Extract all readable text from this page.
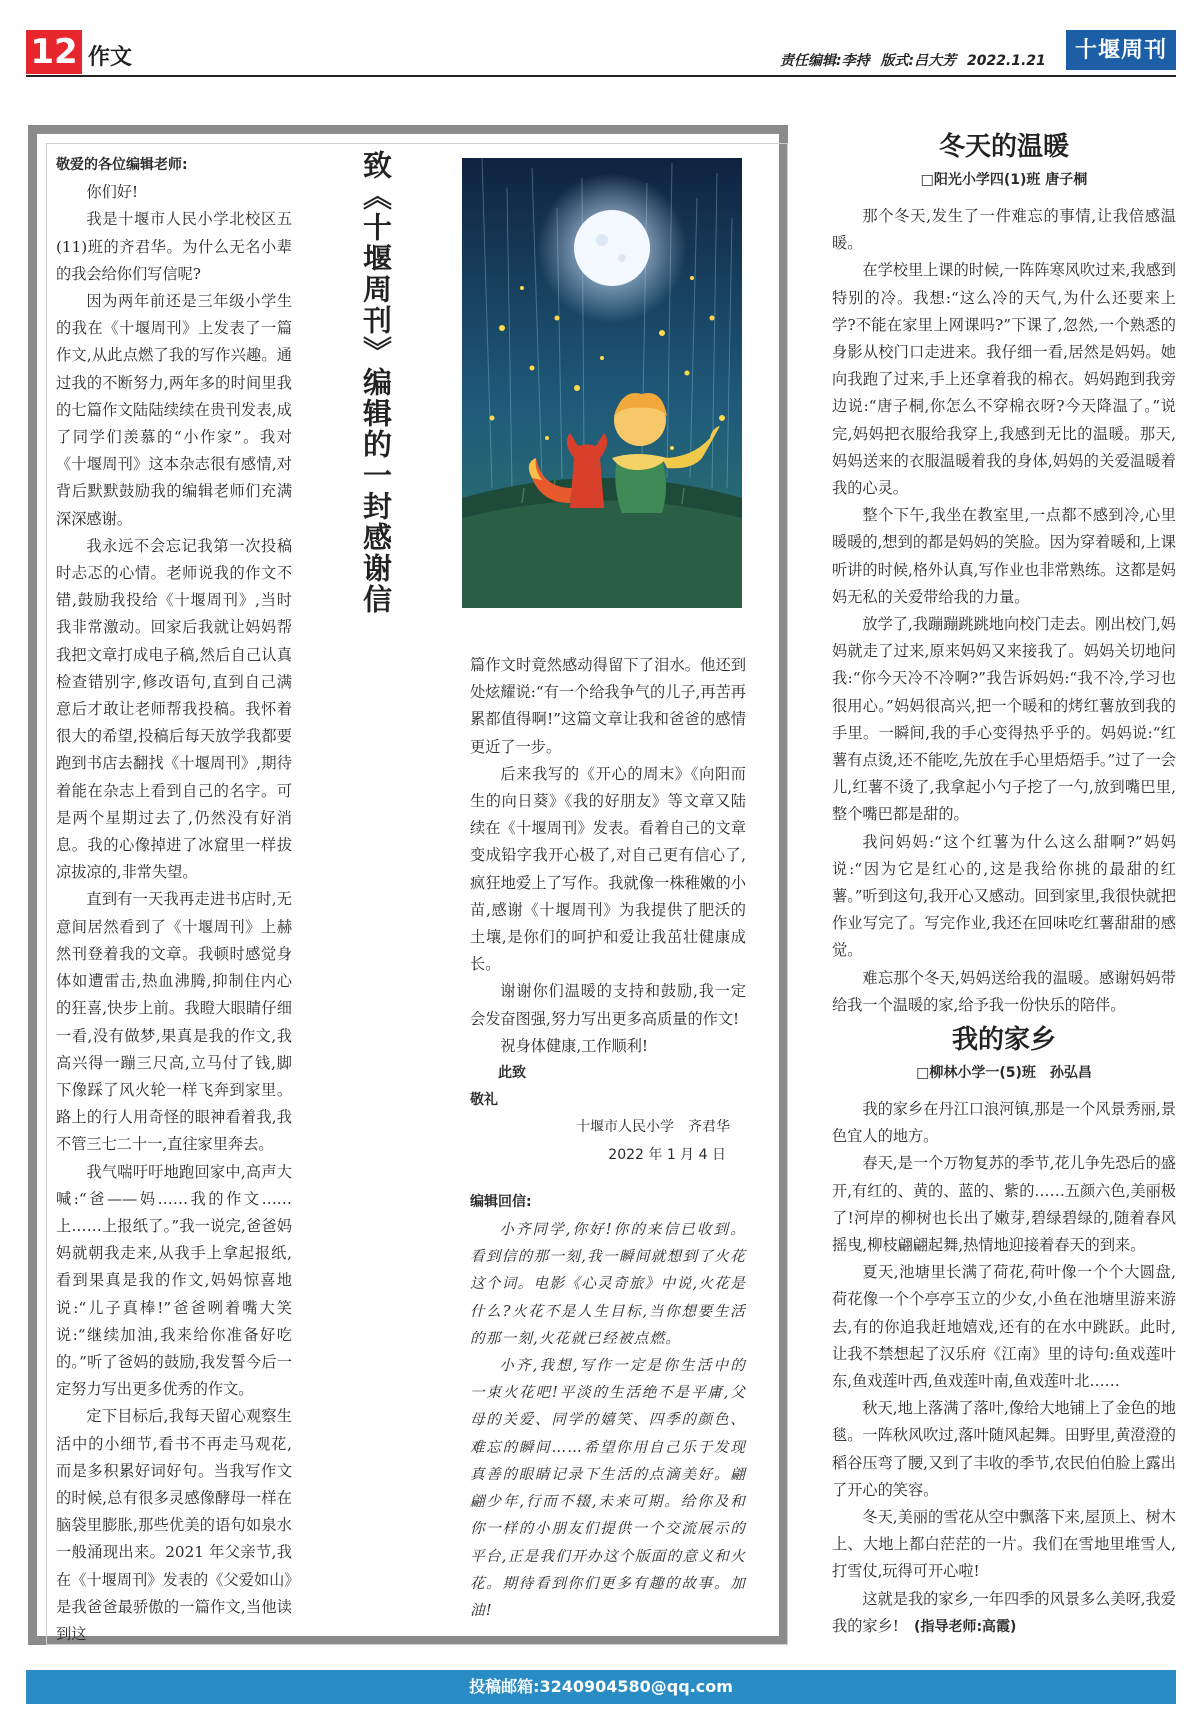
12 作文	责任编辑:李持 版式:吕大芳 2022.1.21	十堰周刊

敬爱的各位编辑老师:

你们好!

我是十堰市人民小学北校区五(11)班的齐君华。为什么无名小辈的我会给你们写信呢?

因为两年前还是三年级小学生的我在《十堰周刊》上发表了一篇作文,从此点燃了我的写作兴趣。通过我的不断努力,两年多的时间里我的七篇作文陆陆续续在贵刊发表,成了同学们羡慕的“小作家”。我对《十堰周刊》这本杂志很有感情,对背后默默鼓励我的编辑老师们充满深深感谢。

我永远不会忘记我第一次投稿时忐忑的心情。老师说我的作文不错,鼓励我投给《十堰周刊》,当时我非常激动。回家后我就让妈妈帮我把文章打成电子稿,然后自己认真检查错别字,修改语句,直到自己满意后才敢让老师帮我投稿。我怀着很大的希望,投稿后每天放学我都要跑到书店去翻找《十堰周刊》,期待着能在杂志上看到自己的名字。可是两个星期过去了,仍然没有好消息。我的心像掉进了冰窟里一样拔凉拔凉的,非常失望。

直到有一天我再走进书店时,无意间居然看到了《十堰周刊》上赫然刊登着我的文章。我顿时感觉身体如遭雷击,热血沸腾,抑制住内心的狂喜,快步上前。我瞪大眼睛仔细一看,没有做梦,果真是我的作文,我高兴得一蹦三尺高,立马付了钱,脚下像踩了风火轮一样飞奔到家里。路上的行人用奇怪的眼神看着我,我不管三七二十一,直往家里奔去。

我气喘吁吁地跑回家中,高声大喊:“爸——妈……我的作文……上……上报纸了。”我一说完,爸爸妈妈就朝我走来,从我手上拿起报纸,看到果真是我的作文,妈妈惊喜地说:“儿子真棒!”爸爸咧着嘴大笑说:“继续加油,我来给你准备好吃的。”听了爸妈的鼓励,我发誓今后一定努力写出更多优秀的作文。

定下目标后,我每天留心观察生活中的小细节,看书不再走马观花,而是多积累好词好句。当我写作文的时候,总有很多灵感像酵母一样在脑袋里膨胀,那些优美的语句如泉水一般涌现出来。2021 年父亲节,我在《十堰周刊》发表的《父爱如山》是我爸爸最骄傲的一篇作文,当他读到这

致《十堰周刊》编辑的一封感谢信

篇作文时竟然感动得留下了泪水。他还到处炫耀说:“有一个给我争气的儿子,再苦再累都值得啊!”这篇文章让我和爸爸的感情更近了一步。

后来我写的《开心的周末》《向阳而生的向日葵》《我的好朋友》等文章又陆续在《十堰周刊》发表。看着自己的文章变成铅字我开心极了,对自己更有信心了,疯狂地爱上了写作。我就像一株稚嫩的小苗,感谢《十堰周刊》为我提供了肥沃的土壤,是你们的呵护和爱让我茁壮健康成长。

谢谢你们温暖的支持和鼓励,我一定会发奋图强,努力写出更多高质量的作文!

祝身体健康,工作顺利!

此致

敬礼

十堰市人民小学　齐君华

2022 年 1 月 4 日

编辑回信:

小齐同学,你好!你的来信已收到。看到信的那一刻,我一瞬间就想到了火花这个词。电影《心灵奇旅》中说,火花是什么?火花不是人生目标,当你想要生活的那一刻,火花就已经被点燃。

小齐,我想,写作一定是你生活中的一束火花吧!平淡的生活绝不是平庸,父母的关爱、同学的嬉笑、四季的颜色、难忘的瞬间……希望你用自己乐于发现真善的眼睛记录下生活的点滴美好。翩翩少年,行而不辍,未来可期。给你及和你一样的小朋友们提供一个交流展示的平台,正是我们开办这个版面的意义和火花。期待看到你们更多有趣的故事。加油!

冬天的温暖

□阳光小学四(1)班 唐子桐

那个冬天,发生了一件难忘的事情,让我倍感温暖。

在学校里上课的时候,一阵阵寒风吹过来,我感到特别的冷。我想:“这么冷的天气,为什么还要来上学?不能在家里上网课吗?”下课了,忽然,一个熟悉的身影从校门口走进来。我仔细一看,居然是妈妈。她向我跑了过来,手上还拿着我的棉衣。妈妈跑到我旁边说:“唐子桐,你怎么不穿棉衣呀?今天降温了。”说完,妈妈把衣服给我穿上,我感到无比的温暖。那天,妈妈送来的衣服温暖着我的身体,妈妈的关爱温暖着我的心灵。

整个下午,我坐在教室里,一点都不感到冷,心里暖暖的,想到的都是妈妈的笑脸。因为穿着暖和,上课听讲的时候,格外认真,写作业也非常熟练。这都是妈妈无私的关爱带给我的力量。

放学了,我蹦蹦跳跳地向校门走去。刚出校门,妈妈就走了过来,原来妈妈又来接我了。妈妈关切地问我:“你今天冷不冷啊?”我告诉妈妈:“我不冷,学习也很用心。”妈妈很高兴,把一个暖和的烤红薯放到我的手里。一瞬间,我的手心变得热乎乎的。妈妈说:“红薯有点烫,还不能吃,先放在手心里焐焐手。”过了一会儿,红薯不烫了,我拿起小勺子挖了一勺,放到嘴巴里,整个嘴巴都是甜的。

我问妈妈:“这个红薯为什么这么甜啊?”妈妈说:“因为它是红心的,这是我给你挑的最甜的红薯。”听到这句,我开心又感动。回到家里,我很快就把作业写完了。写完作业,我还在回味吃红薯甜甜的感觉。

难忘那个冬天,妈妈送给我的温暖。感谢妈妈带给我一个温暖的家,给予我一份快乐的陪伴。

我的家乡

□柳林小学一(5)班　孙弘昌

我的家乡在丹江口浪河镇,那是一个风景秀丽,景色宜人的地方。

春天,是一个万物复苏的季节,花儿争先恐后的盛开,有红的、黄的、蓝的、紫的……五颜六色,美丽极了!河岸的柳树也长出了嫩芽,碧绿碧绿的,随着春风摇曳,柳枝翩翩起舞,热情地迎接着春天的到来。

夏天,池塘里长满了荷花,荷叶像一个个大圆盘,荷花像一个个亭亭玉立的少女,小鱼在池塘里游来游去,有的你追我赶地嬉戏,还有的在水中跳跃。此时,让我不禁想起了汉乐府《江南》里的诗句:鱼戏莲叶东,鱼戏莲叶西,鱼戏莲叶南,鱼戏莲叶北……

秋天,地上落满了落叶,像给大地铺上了金色的地毯。一阵秋风吹过,落叶随风起舞。田野里,黄澄澄的稻谷压弯了腰,又到了丰收的季节,农民伯伯脸上露出了开心的笑容。

冬天,美丽的雪花从空中飘落下来,屋顶上、树木上、大地上都白茫茫的一片。我们在雪地里堆雪人,打雪仗,玩得可开心啦!

这就是我的家乡,一年四季的风景多么美呀,我爱我的家乡!　 (指导老师:高霞)

投稿邮箱:3240904580@qq.com
